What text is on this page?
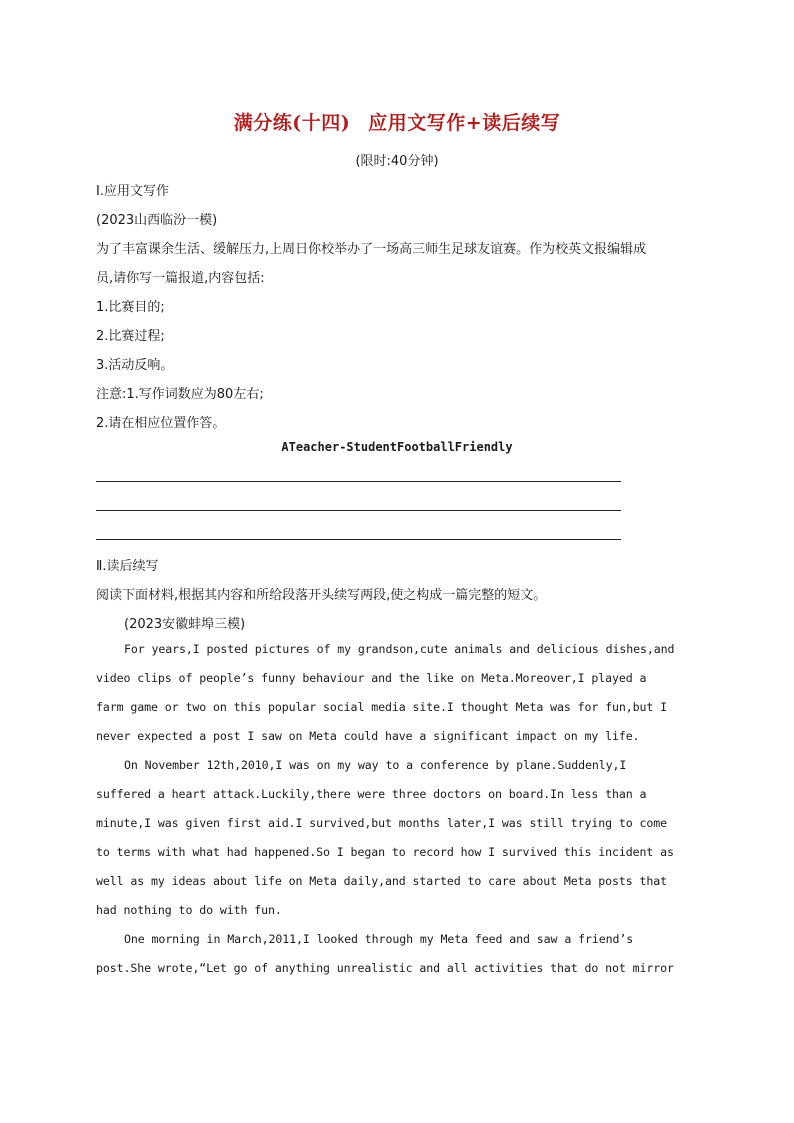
满分练(十四) 应用文写作+读后续写
(限时:40分钟)
Ⅰ.应用文写作
(2023山西临汾一模)
为了丰富课余生活、缓解压力,上周日你校举办了一场高三师生足球友谊赛。作为校英文报编辑成
员,请你写一篇报道,内容包括:
1.比赛目的;
2.比赛过程;
3.活动反响。
注意:1.写作词数应为80左右;
2.请在相应位置作答。
ATeacher-StudentFootballFriendly
Ⅱ.读后续写
阅读下面材料,根据其内容和所给段落开头续写两段,使之构成一篇完整的短文。
(2023安徽蚌埠三模)
For years,I posted pictures of my grandson,cute animals and delicious dishes,and
video clips of people’s funny behaviour and the like on Meta.Moreover,I played a
farm game or two on this popular social media site.I thought Meta was for fun,but I
never expected a post I saw on Meta could have a significant impact on my life.
On November 12th,2010,I was on my way to a conference by plane.Suddenly,I
suffered a heart attack.Luckily,there were three doctors on board.In less than a
minute,I was given first aid.I survived,but months later,I was still trying to come
to terms with what had happened.So I began to record how I survived this incident as
well as my ideas about life on Meta daily,and started to care about Meta posts that
had nothing to do with fun.
One morning in March,2011,I looked through my Meta feed and saw a friend’s
post.She wrote,“Let go of anything unrealistic and all activities that do not mirror
